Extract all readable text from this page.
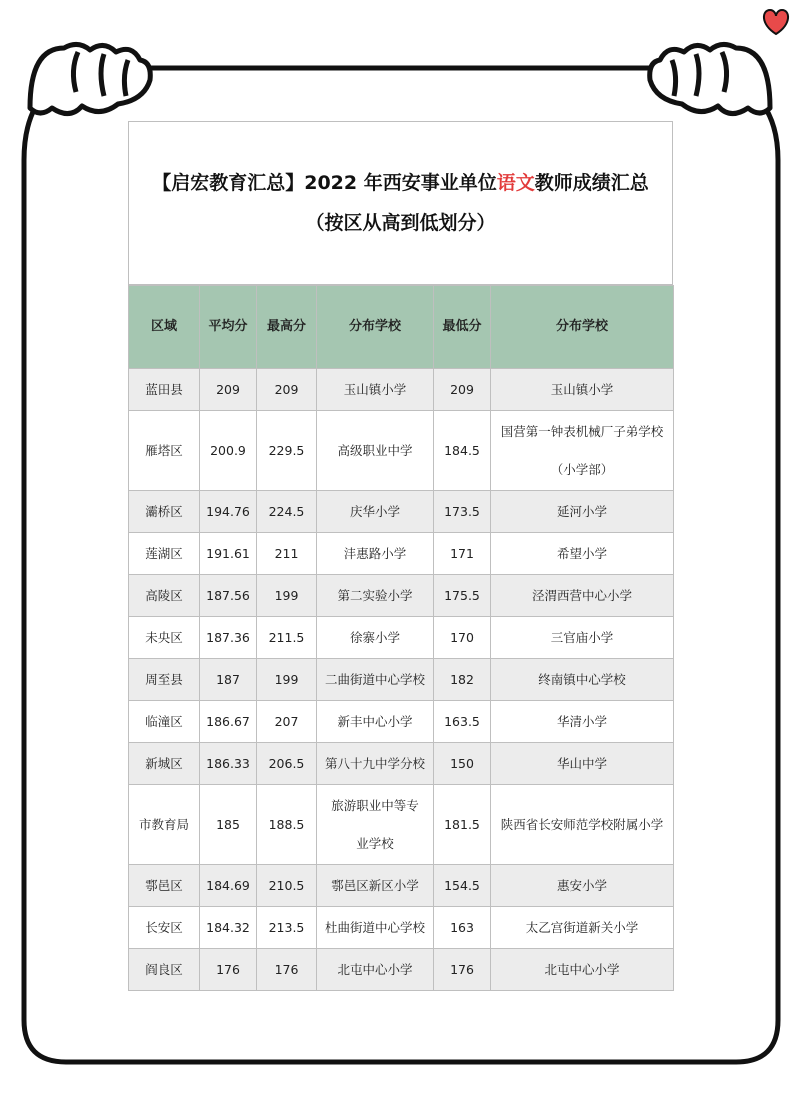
【启宏教育汇总】2022 年西安事业单位语文教师成绩汇总
（按区从高到低划分）
区域	平均分	最高分	分布学校	最低分	分布学校

蓝田县	209	209	玉山镇小学	209	玉山镇小学

雁塔区	200.9	229.5	高级职业中学	184.5	国营第一钟表机械厂子弟学校（小学部）

灞桥区	194.76	224.5	庆华小学	173.5	延河小学

莲湖区	191.61	211	沣惠路小学	171	希望小学

高陵区	187.56	199	第二实验小学	175.5	泾渭西营中心小学

未央区	187.36	211.5	徐寨小学	170	三官庙小学

周至县	187	199	二曲街道中心学校	182	终南镇中心学校

临潼区	186.67	207	新丰中心小学	163.5	华清小学

新城区	186.33	206.5	第八十九中学分校	150	华山中学

市教育局	185	188.5	旅游职业中等专业学校	181.5	陕西省长安师范学校附属小学

鄠邑区	184.69	210.5	鄠邑区新区小学	154.5	惠安小学

长安区	184.32	213.5	杜曲街道中心学校	163	太乙宫街道新关小学

阎良区	176	176	北屯中心小学	176	北屯中心小学
